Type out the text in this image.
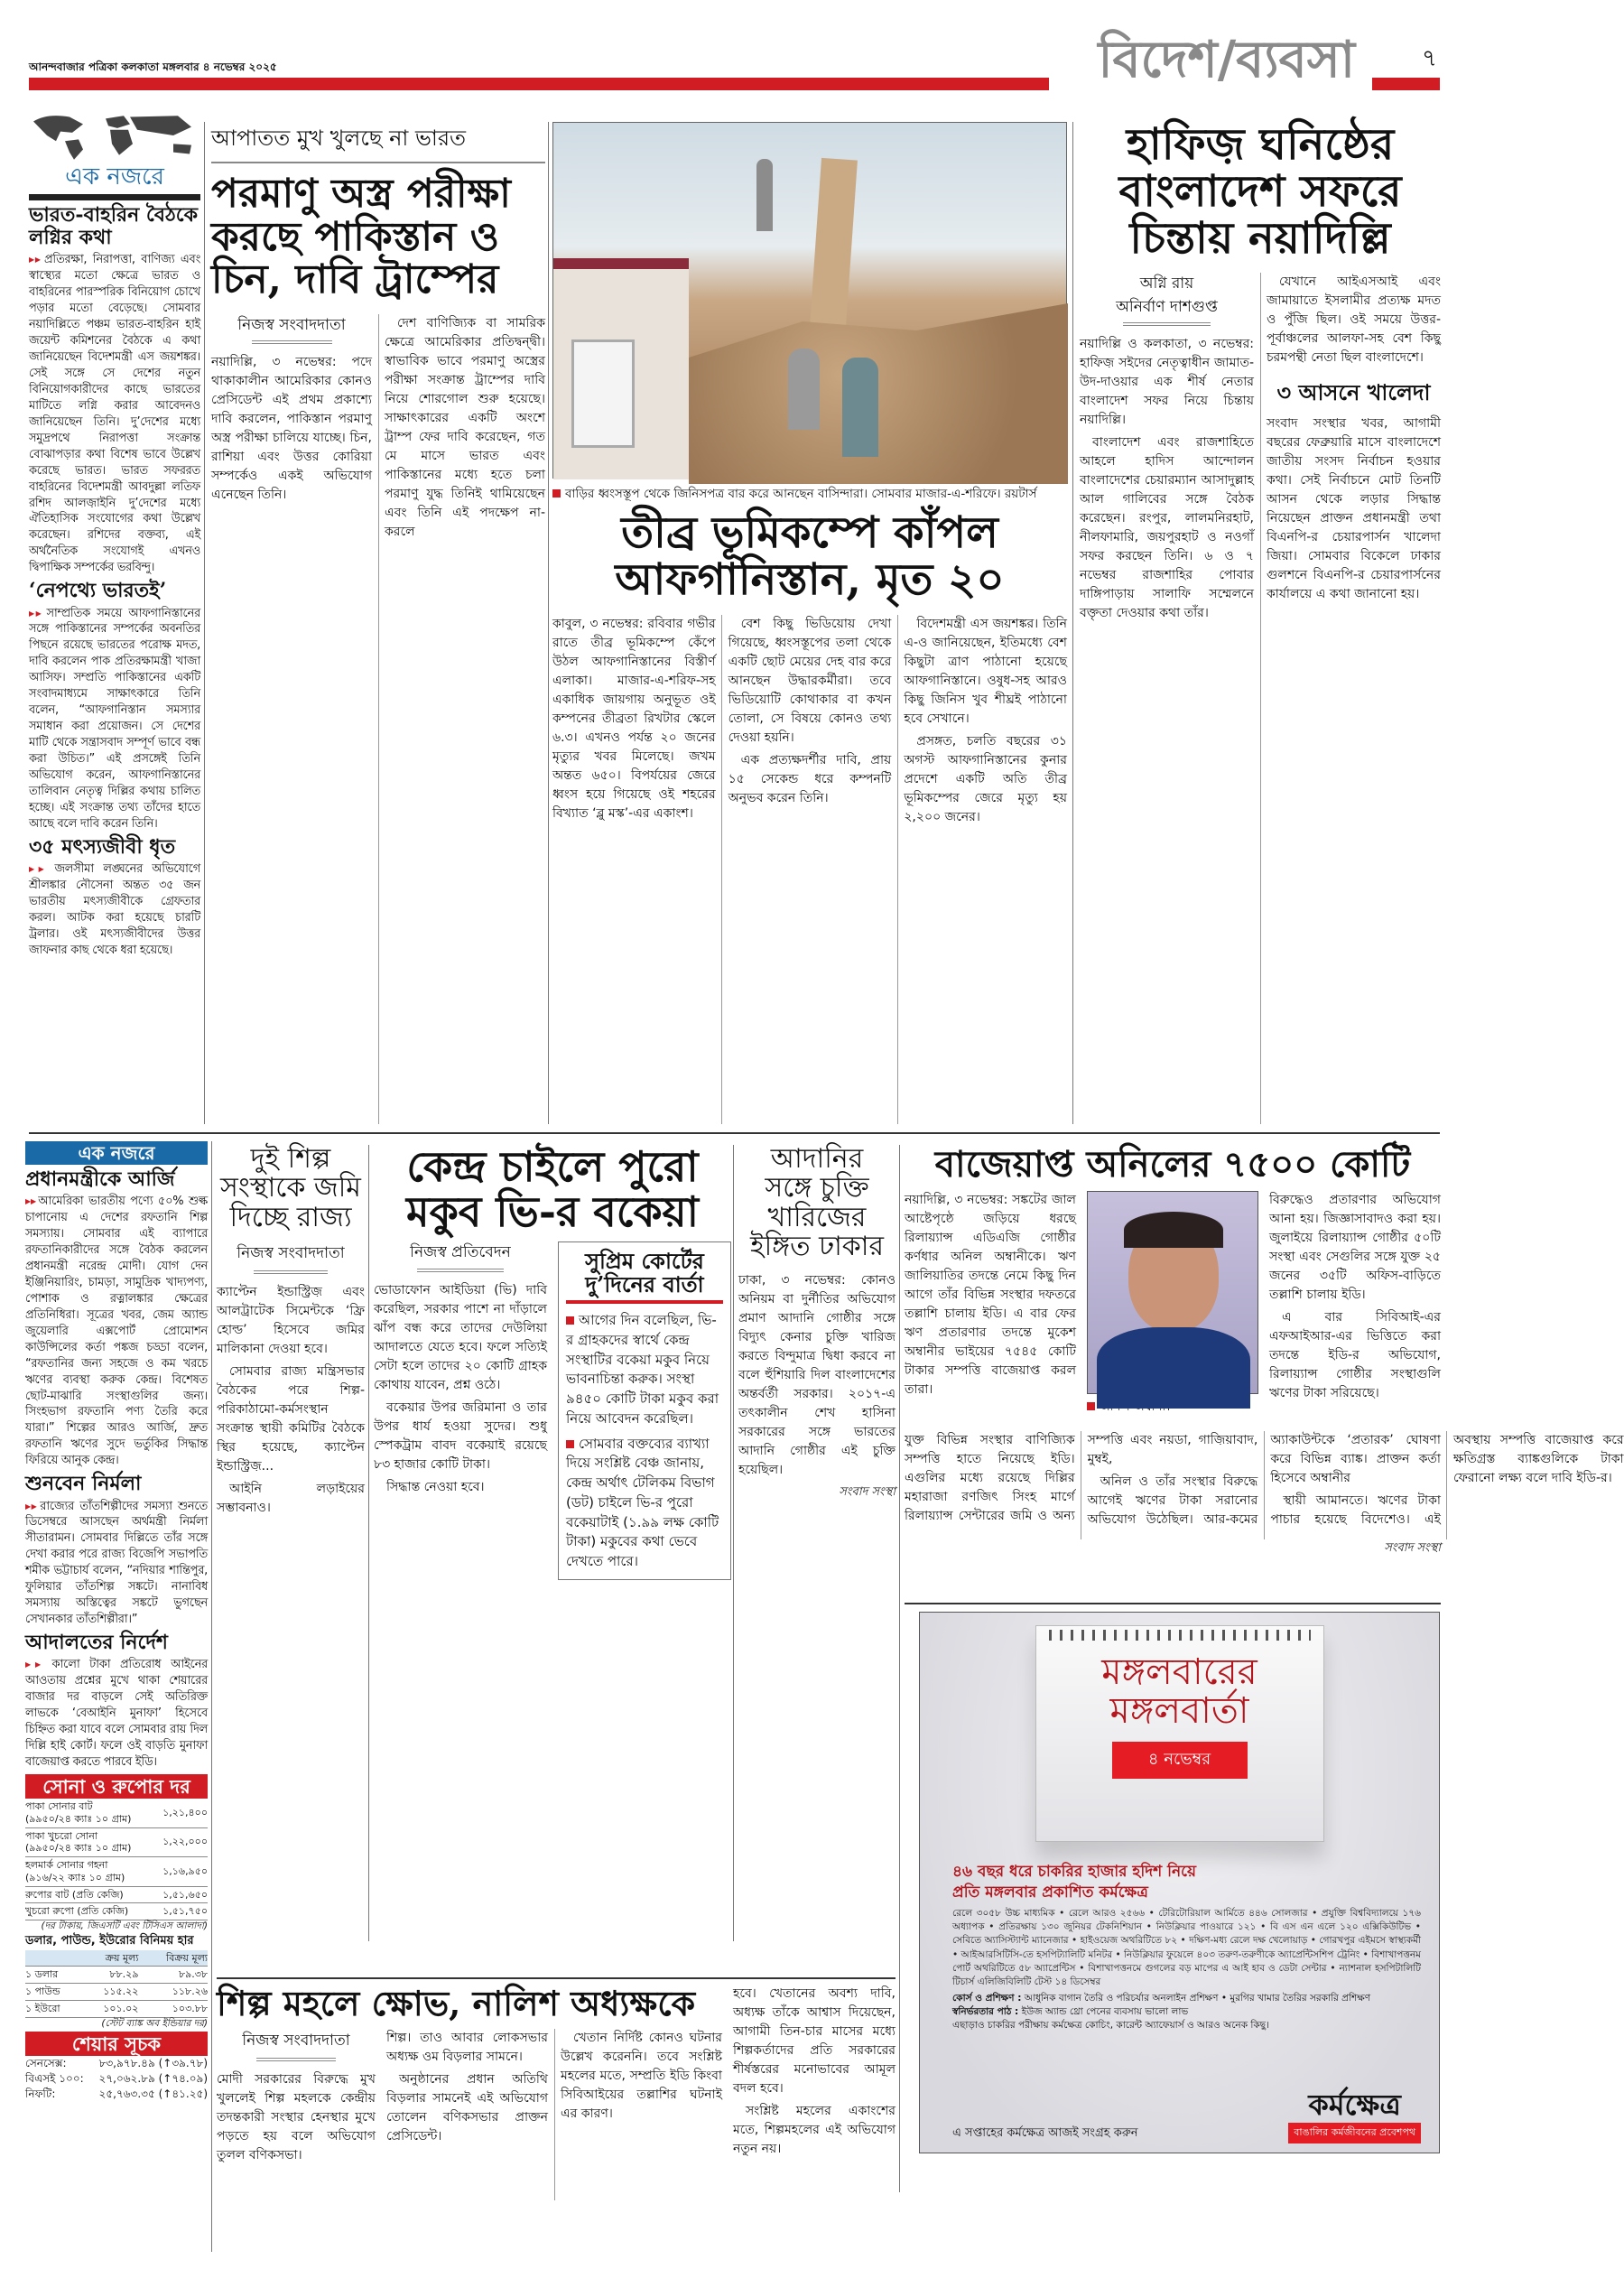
আনন্দবাজার পত্রিকা কলকাতা মঙ্গলবার ৪ নভেম্বর ২০২৫	বিদেশ/ব্যবসা	৭
এক নজরে
ভারত-বাহরিন বৈঠকে লগ্নির কথা

▶▶ প্রতিরক্ষা, নিরাপত্তা, বাণিজ্য এবং স্বাস্থ্যের মতো ক্ষেত্রে ভারত ও বাহরিনের পারস্পরিক বিনিয়োগ চোখে পড়ার মতো বেড়েছে। সোমবার নয়াদিল্লিতে পঞ্চম ভারত-বাহরিন হাই জয়েন্ট কমিশনের বৈঠকে এ কথা জানিয়েছেন বিদেশমন্ত্রী এস জয়শঙ্কর। সেই সঙ্গে সে দেশের নতুন বিনিয়োগকারীদের কাছে ভারতের মাটিতে লগ্নি করার আবেদনও জানিয়েছেন তিনি। দু’দেশের মধ্যে সমুদ্রপথে নিরাপত্তা সংক্রান্ত বোঝাপড়ার কথা বিশেষ ভাবে উল্লেখ করেছে ভারত। ভারত সফররত বাহরিনের বিদেশমন্ত্রী আবদুল্লা লতিফ রশিদ আলজ়াইনি দু’দেশের মধ্যে ঐতিহাসিক সংযোগের কথা উল্লেখ করেছেন। রশিদের বক্তব্য, এই অর্থনৈতিক সংযোগই এখনও দ্বিপাক্ষিক সম্পর্কের ভরবিন্দু।

‘নেপথ্যে ভারতই’

▶▶ সাম্প্রতিক সময়ে আফগানিস্তানের সঙ্গে পাকিস্তানের সম্পর্কের অবনতির পিছনে রয়েছে ভারতের পরোক্ষ মদত, দাবি করলেন পাক প্রতিরক্ষামন্ত্রী খাজা আসিফ। সম্প্রতি পাকিস্তানের একটি সংবাদমাধ্যমে সাক্ষাৎকারে তিনি বলেন, “আফগানিস্তান সমস্যার সমাধান করা প্রয়োজন। সে দেশের মাটি থেকে সন্ত্রাসবাদ সম্পূর্ণ ভাবে বন্ধ করা উচিত।” এই প্রসঙ্গেই তিনি অভিযোগ করেন, আফগানিস্তানের তালিবান নেতৃত্ব দিল্লির কথায় চালিত হচ্ছে। এই সংক্রান্ত তথ্য তাঁদের হাতে আছে বলে দাবি করেন তিনি।

৩৫ মৎস্যজীবী ধৃত

▶▶ জলসীমা লঙ্ঘনের অভিযোগে শ্রীলঙ্কার নৌসেনা অন্তত ৩৫ জন ভারতীয় মৎস্যজীবীকে গ্রেফতার করল। আটক করা হয়েছে চারটি ট্রলার। ওই মৎস্যজীবীদের উত্তর জাফনার কাছ থেকে ধরা হয়েছে।

আপাতত মুখ খুলছে না ভারত
পরমাণু অস্ত্র পরীক্ষা
করছে পাকিস্তান ও
চিন, দাবি ট্রাম্পের
নিজস্ব সংবাদদাতা

নয়াদিল্লি, ৩ নভেম্বর: পদে থাকাকালীন আমেরিকার কোনও প্রেসিডেন্ট এই প্রথম প্রকাশ্যে দাবি করলেন, পাকিস্তান পরমাণু অস্ত্র পরীক্ষা চালিয়ে যাচ্ছে। চিন, রাশিয়া এবং উত্তর কোরিয়া সম্পর্কেও একই অভিযোগ এনেছেন তিনি।

দেশ বাণিজ্যিক বা সামরিক ক্ষেত্রে আমেরিকার প্রতিদ্বন্দ্বী। স্বাভাবিক ভাবে পরমাণু অস্ত্রের পরীক্ষা সংক্রান্ত ট্রাম্পের দাবি নিয়ে শোরগোল শুরু হয়েছে। সাক্ষাৎকারের একটি অংশে ট্রাম্প ফের দাবি করেছেন, গত মে মাসে ভারত এবং পাকিস্তানের মধ্যে হতে চলা পরমাণু যুদ্ধ তিনিই থামিয়েছেন এবং তিনি এই পদক্ষেপ না-করলে

বাড়ির ধ্বংসস্তূপ থেকে জিনিসপত্র বার করে আনছেন বাসিন্দারা। সোমবার মাজার-এ-শরিফে। রয়টার্স
তীব্র ভূমিকম্পে কাঁপল
আফগানিস্তান, মৃত ২০

কাবুল, ৩ নভেম্বর: রবিবার গভীর রাতে তীব্র ভূমিকম্পে কেঁপে উঠল আফগানিস্তানের বিস্তীর্ণ এলাকা। মাজার-এ-শরিফ-সহ একাধিক জায়গায় অনুভূত ওই কম্পনের তীব্রতা রিখটার স্কেলে ৬.৩। এখনও পর্যন্ত ২০ জনের মৃত্যুর খবর মিলেছে। জখম অন্তত ৬৫০। বিপর্যয়ের জেরে ধ্বংস হয়ে গিয়েছে ওই শহরের বিখ্যাত ‘ব্লু মস্ক’-এর একাংশ।

বেশ কিছু ভিডিয়োয় দেখা গিয়েছে, ধ্বংসস্তূপের তলা থেকে একটি ছোট মেয়ের দেহ বার করে আনছেন উদ্ধারকর্মীরা। তবে ভিডিয়োটি কোথাকার বা কখন তোলা, সে বিষয়ে কোনও তথ্য দেওয়া হয়নি।

এক প্রত্যক্ষদর্শীর দাবি, প্রায় ১৫ সেকেন্ড ধরে কম্পনটি অনুভব করেন তিনি।

বিদেশমন্ত্রী এস জয়শঙ্কর। তিনি এ-ও জানিয়েছেন, ইতিমধ্যে বেশ কিছুটা ত্রাণ পাঠানো হয়েছে আফগানিস্তানে। ওষুধ-সহ আরও কিছু জিনিস খুব শীঘ্রই পাঠানো হবে সেখানে।

প্রসঙ্গত, চলতি বছরের ৩১ অগস্ট আফগানিস্তানের কুনার প্রদেশে একটি অতি তীব্র ভূমিকম্পের জেরে মৃত্যু হয় ২,২০০ জনের।

হাফিজ় ঘনিষ্ঠের
বাংলাদেশ সফরে
চিন্তায় নয়াদিল্লি
অগ্নি রায়
অনির্বাণ দাশগুপ্ত

নয়াদিল্লি ও কলকাতা, ৩ নভেম্বর: হাফিজ় সইদের নেতৃত্বাধীন জামাত-উদ-দাওয়ার এক শীর্ষ নেতার বাংলাদেশ সফর নিয়ে চিন্তায় নয়াদিল্লি।

বাংলাদেশ এবং রাজশাহিতে আহলে হাদিস আন্দোলন বাংলাদেশের চেয়ারম্যান আসাদুল্লাহ আল গালিবের সঙ্গে বৈঠক করেছেন। রংপুর, লালমনিরহাট, নীলফামারি, জয়পুরহাট ও নওগাঁ সফর করছেন তিনি। ৬ ও ৭ নভেম্বর রাজশাহির পোবার দাঙ্গিপাড়ায় সালাফি সম্মেলনে বক্তৃতা দেওয়ার কথা তাঁর।

যেখানে আইএসআই এবং জামায়াতে ইসলামীর প্রত্যক্ষ মদত ও পুঁজি ছিল। ওই সময়ে উত্তর-পূর্বাঞ্চলের আলফা-সহ বেশ কিছু চরমপন্থী নেতা ছিল বাংলাদেশে।

৩ আসনে খালেদা

সংবাদ সংস্থার খবর, আগামী বছরের ফেব্রুয়ারি মাসে বাংলাদেশে জাতীয় সংসদ নির্বাচন হওয়ার কথা। সেই নির্বাচনে মোট তিনটি আসন থেকে লড়ার সিদ্ধান্ত নিয়েছেন প্রাক্তন প্রধানমন্ত্রী তথা বিএনপি-র চেয়ারপার্সন খালেদা জিয়া। সোমবার বিকেলে ঢাকার গুলশনে বিএনপি-র চেয়ারপার্সনের কার্যালয়ে এ কথা জানানো হয়।

এক নজরে
প্রধানমন্ত্রীকে আর্জি

▶▶ আমেরিকা ভারতীয় পণ্যে ৫০% শুল্ক চাপানোয় এ দেশের রফতানি শিল্প সমস্যায়। সোমবার এই ব্যাপারে রফতানিকারীদের সঙ্গে বৈঠক করলেন প্রধানমন্ত্রী নরেন্দ্র মোদী। যোগ দেন ইঞ্জিনিয়ারিং, চামড়া, সামুদ্রিক খাদ্যপণ্য, পোশাক ও রত্নালঙ্কার ক্ষেত্রের প্রতিনিধিরা। সূত্রের খবর, জেম অ্যান্ড জুয়েলারি এক্সপোর্ট প্রোমোশন কাউন্সিলের কর্তা পঙ্কজ চড্ডা বলেন, “রফতানির জন্য সহজে ও কম খরচে ঋণের ব্যবস্থা করুক কেন্দ্র। বিশেষত ছোট-মাঝারি সংস্থাগুলির জন্য। সিংহভাগ রফতানি পণ্য তৈরি করে যারা।” শিল্পের আরও আর্জি, দ্রুত রফতানি ঋণের সুদে ভর্তুকির সিদ্ধান্ত ফিরিয়ে আনুক কেন্দ্র।

শুনবেন নির্মলা

▶▶ রাজ্যের তাঁতশিল্পীদের সমস্যা শুনতে ডিসেম্বরে আসছেন অর্থমন্ত্রী নির্মলা সীতারামন। সোমবার দিল্লিতে তাঁর সঙ্গে দেখা করার পরে রাজ্য বিজেপি সভাপতি শমীক ভট্টাচার্য বলেন, “নদিয়ার শান্তিপুর, ফুলিয়ার তাঁতশিল্প সঙ্কটে। নানাবিধ সমস্যায় অস্তিত্বের সঙ্কটে ভুগছেন সেখানকার তাঁতশিল্পীরা।”

আদালতের নির্দেশ

▶▶ কালো টাকা প্রতিরোধ আইনের আওতায় প্রশ্নের মুখে থাকা শেয়ারের বাজার দর বাড়লে সেই অতিরিক্ত লাভকে ‘বেআইনি মুনাফা’ হিসেবে চিহ্নিত করা যাবে বলে সোমবার রায় দিল দিল্লি হাই কোর্ট। ফলে ওই বাড়তি মুনাফা বাজেয়াপ্ত করতে পারবে ইডি।

সোনা ও রুপোর দর
পাকা সোনার বাট
(৯৯৫০/২৪ ক্যাঃ ১০ গ্রাম)	১,২১,৪০০
পাকা খুচরো সোনা
(৯৯৫০/২৪ ক্যাঃ ১০ গ্রাম)	১,২২,০০০
হলমার্ক সোনার গহনা
(৯১৬/২২ ক্যাঃ ১০ গ্রাম)	১,১৬,৯৫০
রুপোর বাট (প্রতি কেজি)	১,৫১,৬৫০
খুচরো রুপো (প্রতি কেজি)	১,৫১,৭৫০
(দর টাকায়, জিএসটি এবং টিসিএস আলাদা)
ডলার, পাউন্ড, ইউরোর বিনিময় হার
	ক্রয় মূল্য	বিক্রয় মূল্য
১ ডলার	৮৮.২৯	৮৯.৩৮
১ পাউন্ড	১১৫.২২	১১৮.২৬
১ ইউরো	১০১.০২	১০৩.৮৮
(স্টেট ব্যাঙ্ক অব ইন্ডিয়ার দর)
শেয়ার সূচক
সেনসেক্স:	৮৩,৯৭৮.৪৯ (↑৩৯.৭৮)
বিএসই ১০০: ২৭,০৬২.৮৯ (↑৭৪.০৯)
নিফটি:	২৫,৭৬৩.৩৫ (↑৪১.২৫)
দুই শিল্প
সংস্থাকে জমি
দিচ্ছে রাজ্য
নিজস্ব সংবাদদাতা

ক্যাপ্টেন ইন্ডাস্ট্রিজ় এবং আলট্রাটেক সিমেন্টকে ‘ফ্রি হোল্ড’ হিসেবে জমির মালিকানা দেওয়া হবে।

সোমবার রাজ্য মন্ত্রিসভার বৈঠকের পরে শিল্প-পরিকাঠামো-কর্মসংস্থান সংক্রান্ত স্থায়ী কমিটির বৈঠকে স্থির হয়েছে, ক্যাপ্টেন ইন্ডাস্ট্রিজ়...

আইনি লড়াইয়ের সম্ভাবনাও।

কেন্দ্র চাইলে পুরো
মকুব ভি-র বকেয়া
নিজস্ব প্রতিবেদন

ভোডাফোন আইডিয়া (ভি) দাবি করেছিল, সরকার পাশে না দাঁড়ালে ঝাঁপ বন্ধ করে তাদের দেউলিয়া আদালতে যেতে হবে। ফলে সত্যিই সেটা হলে তাদের ২০ কোটি গ্রাহক কোথায় যাবেন, প্রশ্ন ওঠে।

বকেয়ার উপর জরিমানা ও তার উপর ধার্য হওয়া সুদের। শুধু স্পেকট্রাম বাবদ বকেয়াই রয়েছে ৮৩ হাজার কোটি টাকা।

সিদ্ধান্ত নেওয়া হবে।

সুপ্রিম কোর্টের
দু’দিনের বার্তা

আগের দিন বলেছিল, ভি-র গ্রাহকদের স্বার্থে কেন্দ্র সংস্থাটির বকেয়া মকুব নিয়ে ভাবনাচিন্তা করুক। সংস্থা ৯৪৫০ কোটি টাকা মকুব করা নিয়ে আবেদন করেছিল।

সোমবার বক্তব্যের ব্যাখ্যা দিয়ে সংশ্লিষ্ট বেঞ্চ জানায়, কেন্দ্র অর্থাৎ টেলিকম বিভাগ (ডট) চাইলে ভি-র পুরো বকেয়াটাই (১.৯৯ লক্ষ কোটি টাকা) মকুবের কথা ভেবে দেখতে পারে।

আদানির
সঙ্গে চুক্তি
খারিজের
ইঙ্গিত ঢাকার

ঢাকা, ৩ নভেম্বর: কোনও অনিয়ম বা দুর্নীতির অভিযোগ প্রমাণ আদানি গোষ্ঠীর সঙ্গে বিদ্যুৎ কেনার চুক্তি খারিজ করতে বিন্দুমাত্র দ্বিধা করবে না বলে হুঁশিয়ারি দিল বাংলাদেশের অন্তর্বর্তী সরকার। ২০১৭-এ তৎকালীন শেখ হাসিনা সরকারের সঙ্গে ভারতের আদানি গোষ্ঠীর এই চুক্তি হয়েছিল।

সংবাদ সংস্থা
বাজেয়াপ্ত অনিলের ৭৫০০ কোটি

নয়াদিল্লি, ৩ নভেম্বর: সঙ্কটের জাল আষ্টেপৃষ্ঠে জড়িয়ে ধরছে রিলায়্যান্স এডিএজি গোষ্ঠীর কর্ণধার অনিল অম্বানীকে। ঋণ জালিয়াতির তদন্তে নেমে কিছু দিন আগে তাঁর বিভিন্ন সংস্থার দফতরে তল্লাশি চালায় ইডি। এ বার ফের ঋণ প্রতারণার তদন্তে মুকেশ অম্বানীর ভাইয়ের ৭৫৪৫ কোটি টাকার সম্পত্তি বাজেয়াপ্ত করল তারা।

বিরুদ্ধেও প্রতারণার অভিযোগ আনা হয়। জিজ্ঞাসাবাদও করা হয়। জুলাইয়ে রিলায়্যান্স গোষ্ঠীর ৫০টি সংস্থা এবং সেগুলির সঙ্গে যুক্ত ২৫ জনের ৩৫টি অফিস-বাড়িতে তল্লাশি চালায় ইডি।

এ বার সিবিআই-এর এফআইআর-এর ভিত্তিতে করা তদন্তে ইডি-র অভিযোগ, রিলায়্যান্স গোষ্ঠীর সংস্থাগুলি ঋণের টাকা সরিয়েছে।

যুক্ত বিভিন্ন সংস্থার বাণিজ্যিক সম্পত্তি হাতে নিয়েছে ইডি। এগুলির মধ্যে রয়েছে দিল্লির মহারাজা রণজিৎ সিংহ মার্গে রিলায়্যান্স সেন্টারের জমি ও অন্য সম্পত্তি এবং নয়ডা, গাজ়িয়াবাদ, মুম্বই,

অনিল ও তাঁর সংস্থার বিরুদ্ধে আগেই ঋণের টাকা সরানোর অভিযোগ উঠেছিল। আর-কমের অ্যাকাউন্টকে ‘প্রতারক’ ঘোষণা করে বিভিন্ন ব্যাঙ্ক। প্রাক্তন কর্তা হিসেবে অম্বানীর

স্থায়ী আমানতে। ঋণের টাকা পাচার হয়েছে বিদেশেও। এই অবস্থায় সম্পত্তি বাজেয়াপ্ত করে ক্ষতিগ্রস্ত ব্যাঙ্কগুলিকে টাকা ফেরানো লক্ষ্য বলে দাবি ইডি-র।

সংবাদ সংস্থা
মঙ্গলবারের
মঙ্গলবার্তা
৪ নভেম্বর
৪৬ বছর ধরে চাকরির হাজার হদিশ নিয়ে
প্রতি মঙ্গলবার প্রকাশিত কর্মক্ষেত্র
রেলে ৩০৫৮ উচ্চ মাধ্যমিক • রেলে আরও ২৫৬৬ • টেরিটোরিয়াল আর্মিতে ৪৪৬ সোলজার • প্রযুক্তি বিশ্ববিদ্যালয়ে ১৭৬ অধ্যাপক • প্রতিরক্ষায় ১৩০ জুনিয়র টেকনিশিয়ান • নিউক্লিয়ার পাওয়ারে ১২১ • বি এস এন এলে ১২০ এক্সিকিউটিভ • সেবিতে অ্যাসিস্ট্যান্ট ম্যানেজার • হাইওয়েজ অথরিটিতে ৮২ • দক্ষিণ-মধ্য রেলে দক্ষ খেলোয়াড় • গোরখপুর এইমসে স্বাস্থ্যকর্মী • আইআরসিটিসি-তে হসপিট্যালিটি মনিটর • নিউক্লিয়ার ফুয়েলে ৪০৩ তরুণ-তরুণীকে অ্যাপ্রেন্টিসশিপ ট্রেনিং • বিশাখাপত্তনম পোর্ট অথরিটিতে ৫৮ অ্যাপ্রেন্টিস • বিশাখাপত্তনমে গুগলের বড় মাপের এ আই হাব ও ডেটা সেন্টার • ন্যাশনাল হসপিটালিটি টিচার্স এলিজিবিলিটি টেস্ট ১৪ ডিসেম্বর
কোর্স ও প্রশিক্ষণ : আধুনিক বাগান তৈরি ও পরিচর্যার অনলাইন প্রশিক্ষণ • মুরগির খামার তৈরির সরকারি প্রশিক্ষণ
স্বনির্ভরতার পাঠ : ইউজ অ্যান্ড থ্রো পেনের ব্যবসায় ভালো লাভ
এছাড়াও চাকরির পরীক্ষায় কর্মক্ষেত্র কোচিং, কারেন্ট অ্যাফেয়ার্স ও আরও অনেক কিছু।
এ সপ্তাহের কর্মক্ষেত্র আজই সংগ্রহ করুন
কর্মক্ষেত্র
বাঙালির কর্মজীবনের প্রবেশপথ
শিল্প মহলে ক্ষোভ, নালিশ অধ্যক্ষকে
নিজস্ব সংবাদদাতা

মোদী সরকারের বিরুদ্ধে মুখ খুললেই শিল্প মহলকে কেন্দ্রীয় তদন্তকারী সংস্থার হেনস্থার মুখে পড়তে হয় বলে অভিযোগ তুলল বণিকসভা।

শিল্প। তাও আবার লোকসভার অধ্যক্ষ ওম বিড়লার সামনে।

অনুষ্ঠানের প্রধান অতিথি বিড়লার সামনেই এই অভিযোগ তোলেন বণিকসভার প্রাক্তন প্রেসিডেন্ট।

খেতান নির্দিষ্ট কোনও ঘটনার উল্লেখ করেননি। তবে সংশ্লিষ্ট মহলের মতে, সম্প্রতি ইডি কিংবা সিবিআইয়ের তল্লাশির ঘটনাই এর কারণ।

হবে। খেতানের অবশ্য দাবি, অধ্যক্ষ তাঁকে আশ্বাস দিয়েছেন, আগামী তিন-চার মাসের মধ্যে শিল্পকর্তাদের প্রতি সরকারের শীর্ষস্তরের মনোভাবের আমূল বদল হবে।

সংশ্লিষ্ট মহলের একাংশের মতে, শিল্পমহলের এই অভিযোগ নতুন নয়।
